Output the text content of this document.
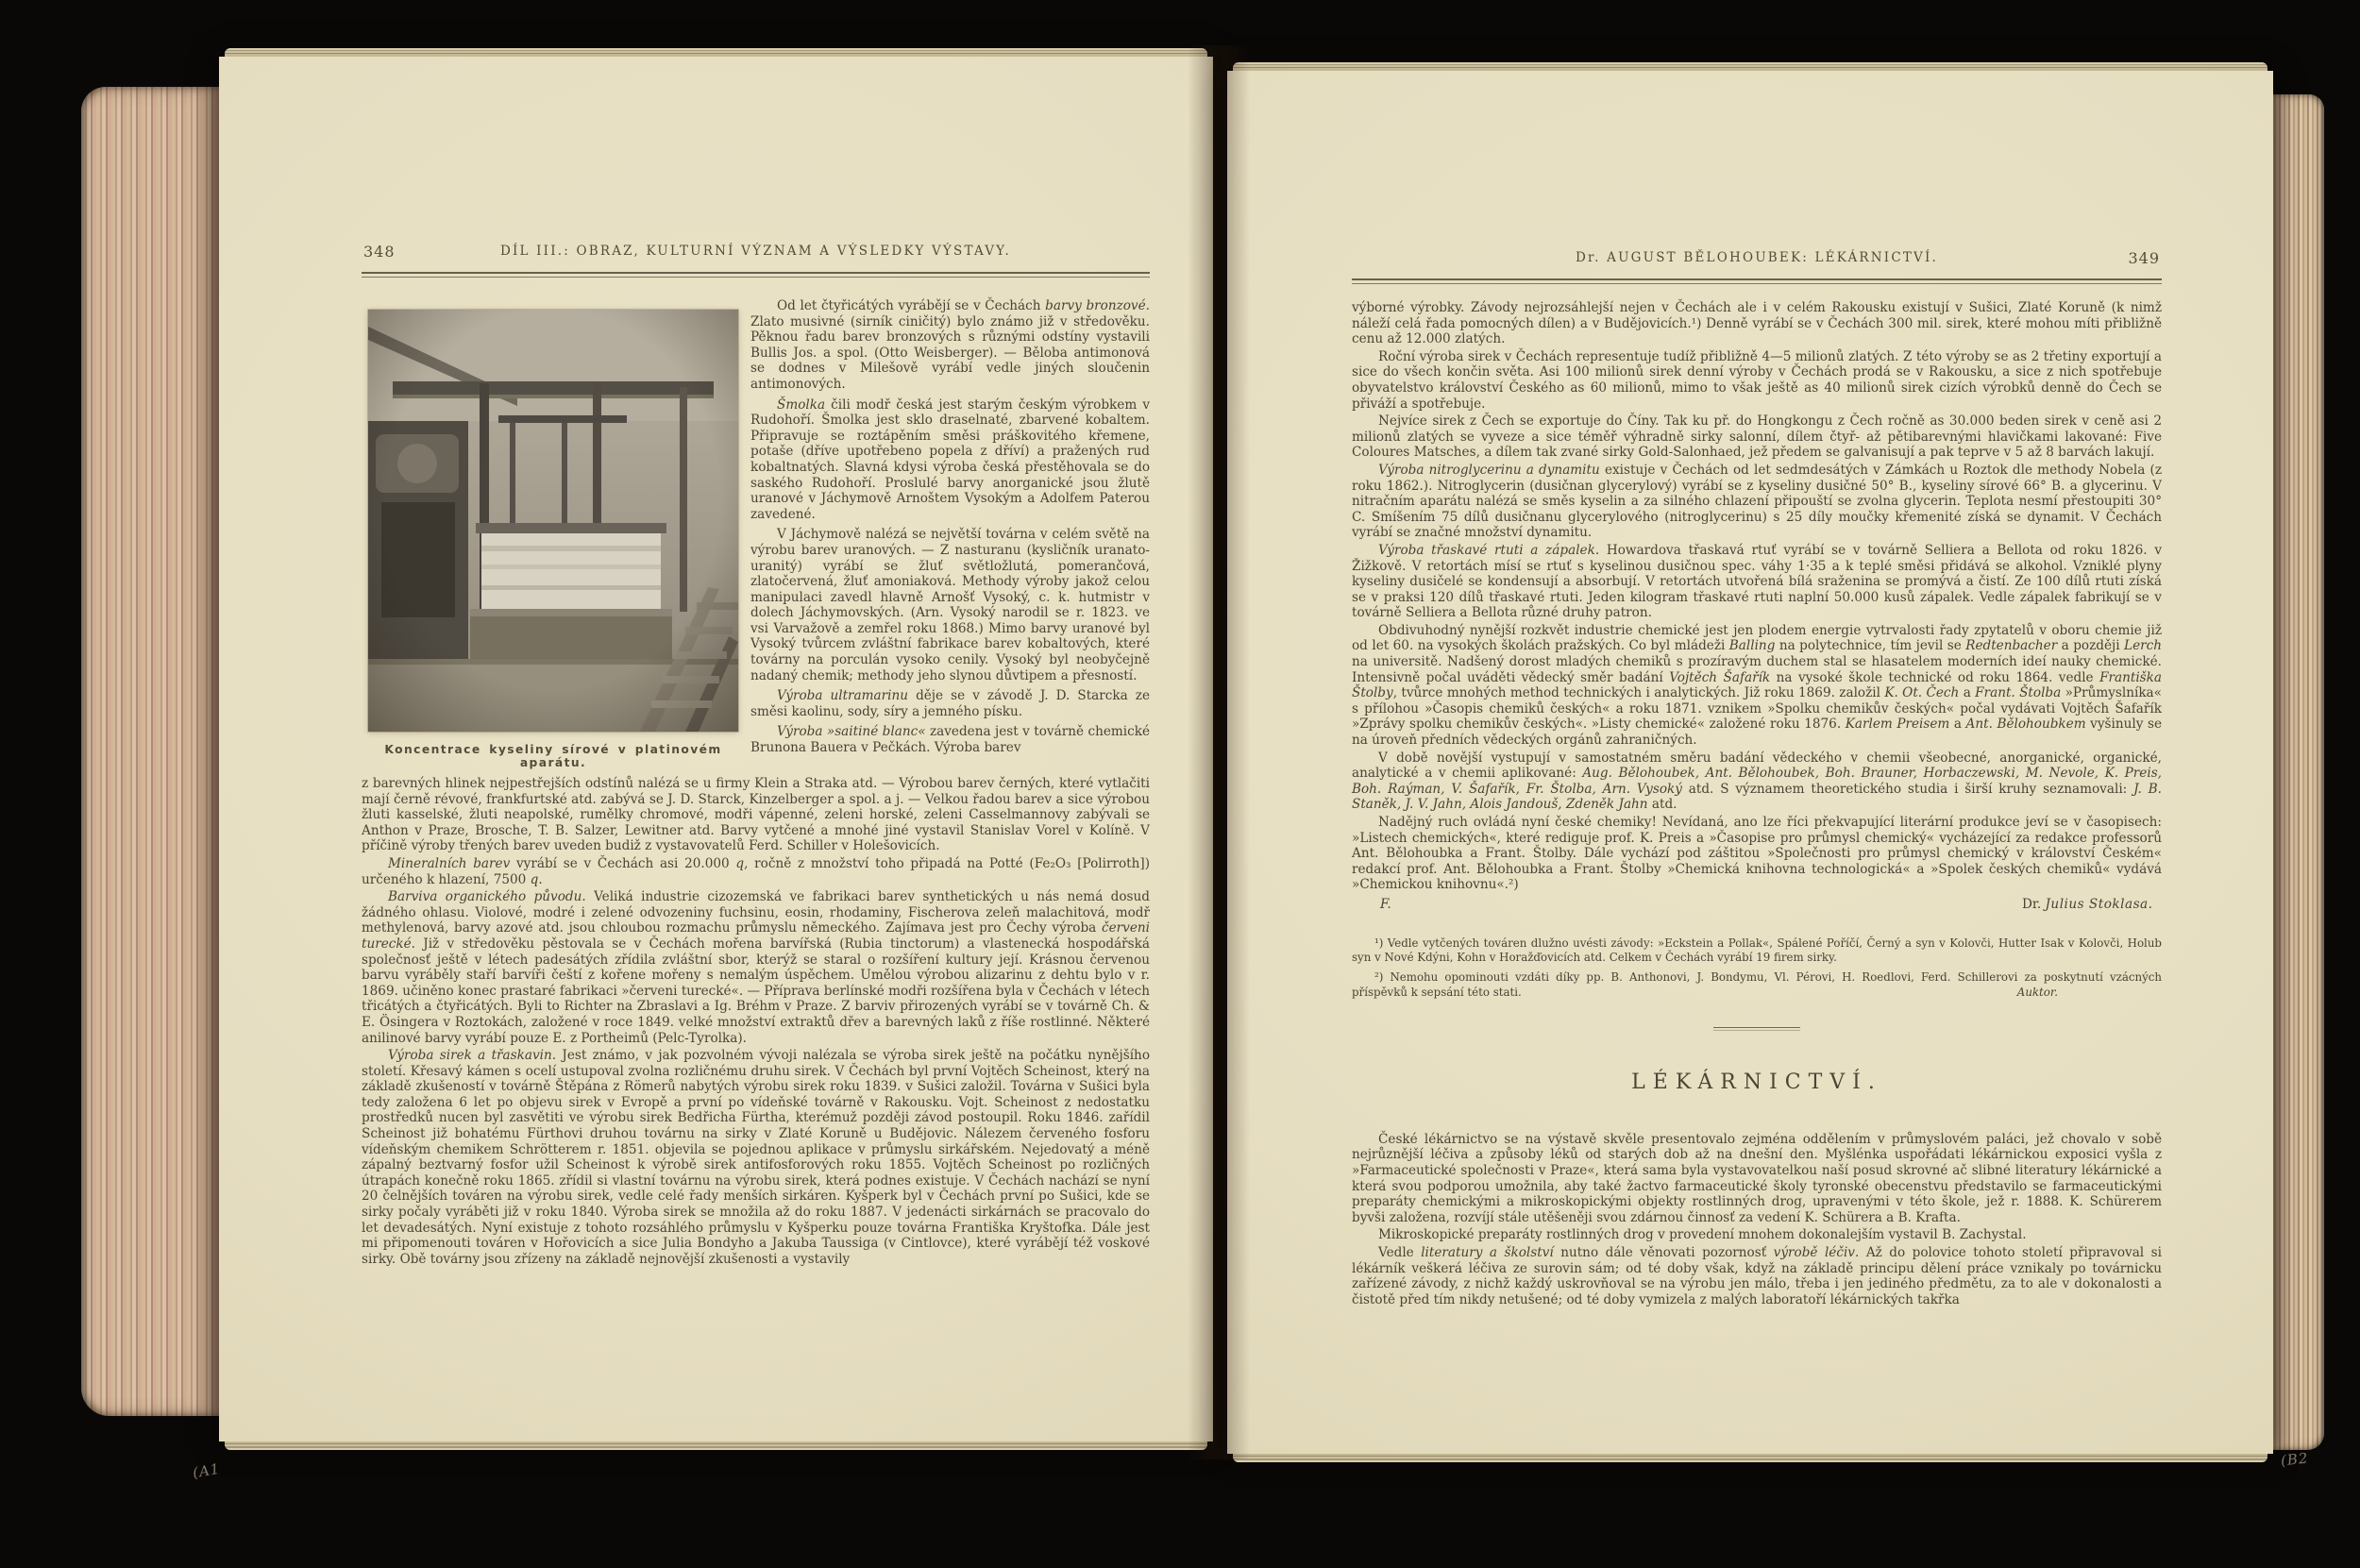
348	DÍL III.: OBRAZ, KULTURNÍ VÝZNAM A VÝSLEDKY VÝSTAVY.
Koncentrace kyseliny sírové v platinovém aparátu.

Od let čtyřicátých vyrábějí se v Čechách barvy bronzové. Zlato musivné (sirník ciničitý) bylo známo již v středověku. Pěknou řadu barev bronzových s různými odstíny vystavili Bullis Jos. a spol. (Otto Weisberger). — Běloba antimonová se dodnes v Milešově vyrábí vedle jiných sloučenin antimonových.

Šmolka čili modř česká jest starým českým výrobkem v Rudohoří. Šmolka jest sklo draselnaté, zbarvené kobaltem. Připravuje se roztápěním směsi práškovitého křemene, potaše (dříve upotřebeno popela z dříví) a pražených rud kobaltnatých. Slavná kdysi výroba česká přestěhovala se do saského Rudohoří. Proslulé barvy anorganické jsou žlutě uranové v Jáchymově Arnoštem Vysokým a Adolfem Paterou zavedené.

V Jáchymově nalézá se největší továrna v celém světě na výrobu barev uranových. — Z nasturanu (kysličník uranato-uranitý) vyrábí se žluť světložlutá, pomerančová, zlatočervená, žluť amoniaková. Methody výroby jakož celou manipulaci zavedl hlavně Arnošť Vysoký, c. k. hutmistr v dolech Jáchymovských. (Arn. Vysoký narodil se r. 1823. ve vsi Varvažově a zemřel roku 1868.) Mimo barvy uranové byl Vysoký tvůrcem zvláštní fabrikace barev kobaltových, které továrny na porculán vysoko cenily. Vysoký byl neobyčejně nadaný chemik; methody jeho slynou důvtipem a přesností.

Výroba ultramarinu děje se v závodě J. D. Starcka ze směsi kaolinu, sody, síry a jemného písku.

Výroba »saitiné blanc« zavedena jest v továrně chemické Brunona Bauera v Pečkách. Výroba barev

z barevných hlinek nejpestřejších odstínů nalézá se u firmy Klein a Straka atd. — Výrobou barev černých, které vytlačiti mají černě révové, frankfurtské atd. zabývá se J. D. Starck, Kinzelberger a spol. a j. — Velkou řadou barev a sice výrobou žluti kasselské, žluti neapolské, rumělky chromové, modři vápenné, zeleni horské, zeleni Casselmannovy zabývali se Anthon v Praze, Brosche, T. B. Salzer, Lewitner atd. Barvy vytčené a mnohé jiné vystavil Stanislav Vorel v Kolíně. V příčině výroby třených barev uveden budiž z vystavovatelů Ferd. Schiller v Holešovicích.

Mineralních barev vyrábí se v Čechách asi 20.000 q, ročně z množství toho připadá na Potté (Fe₂O₃ [Polirroth]) určeného k hlazení, 7500 q.

Barviva organického původu. Veliká industrie cizozemská ve fabrikaci barev synthetických u nás nemá dosud žádného ohlasu. Violové, modré i zelené odvozeniny fuchsinu, eosin, rhodaminy, Fischerova zeleň malachitová, modř methylenová, barvy azové atd. jsou chloubou rozmachu průmyslu německého. Zajímava jest pro Čechy výroba červeni turecké. Již v středověku pěstovala se v Čechách mořena barvířská (Rubia tinctorum) a vlastenecká hospodářská společnosť ještě v létech padesátých zřídila zvláštní sbor, kterýž se staral o rozšíření kultury její. Krásnou červenou barvu vyráběly staří barvíři čeští z kořene mořeny s nemalým úspěchem. Umělou výrobou alizarinu z dehtu bylo v r. 1869. učiněno konec prastaré fabrikaci »červeni turecké«. — Příprava berlínské modři rozšířena byla v Čechách v létech třicátých a čtyřicátých. Byli to Richter na Zbraslavi a Ig. Bréhm v Praze. Z barviv přirozených vyrábí se v továrně Ch. & E. Ösingera v Roztokách, založené v roce 1849. velké množství extraktů dřev a barevných laků z říše rostlinné. Některé anilinové barvy vyrábí pouze E. z Portheimů (Pelc-Tyrolka).

Výroba sirek a třaskavin. Jest známo, v jak pozvolném vývoji nalézala se výroba sirek ještě na počátku nynějšího století. Křesavý kámen s ocelí ustupoval zvolna rozličnému druhu sirek. V Čechách byl první Vojtěch Scheinost, který na základě zkušeností v továrně Štěpána z Römerů nabytých výrobu sirek roku 1839. v Sušici založil. Továrna v Sušici byla tedy založena 6 let po objevu sirek v Evropě a první po vídeňské továrně v Rakousku. Vojt. Scheinost z nedostatku prostředků nucen byl zasvětiti ve výrobu sirek Bedřicha Fürtha, kterémuž později závod postoupil. Roku 1846. zařídil Scheinost již bohatému Fürthovi druhou továrnu na sirky v Zlaté Koruně u Budějovic. Nálezem červeného fosforu vídeňským chemikem Schrötterem r. 1851. objevila se pojednou aplikace v průmyslu sirkářském. Nejedovatý a méně zápalný beztvarný fosfor užil Scheinost k výrobě sirek antifosforových roku 1855. Vojtěch Scheinost po rozličných útrapách konečně roku 1865. zřídil si vlastní továrnu na výrobu sirek, která podnes existuje. V Čechách nachází se nyní 20 čelnějších továren na výrobu sirek, vedle celé řady menších sirkáren. Kyšperk byl v Čechách první po Sušici, kde se sirky počaly vyráběti již v roku 1840. Výroba sirek se množila až do roku 1887. V jedenácti sirkárnách se pracovalo do let devadesátých. Nyní existuje z tohoto rozsáhlého průmyslu v Kyšperku pouze továrna Františka Kryštofka. Dále jest mi připomenouti továren v Hořovicích a sice Julia Bondyho a Jakuba Taussiga (v Cintlovce), které vyrábějí též voskové sirky. Obě továrny jsou zřízeny na základě nejnovější zkušenosti a vystavily

Dr. AUGUST BĚLOHOUBEK: LÉKÁRNICTVÍ.	349

výborné výrobky. Závody nejrozsáhlejší nejen v Čechách ale i v celém Rakousku existují v Sušici, Zlaté Koruně (k nimž náleží celá řada pomocných dílen) a v Budějovicích.¹) Denně vyrábí se v Čechách 300 mil. sirek, které mohou míti přibližně cenu až 12.000 zlatých.

Roční výroba sirek v Čechách representuje tudíž přibližně 4—5 milionů zlatých. Z této výroby se as 2 třetiny exportují a sice do všech končin světa. Asi 100 milionů sirek denní výroby v Čechách prodá se v Rakousku, a sice z nich spotřebuje obyvatelstvo království Českého as 60 milionů, mimo to však ještě as 40 milionů sirek cizích výrobků denně do Čech se přiváží a spotřebuje.

Nejvíce sirek z Čech se exportuje do Číny. Tak ku př. do Hongkongu z Čech ročně as 30.000 beden sirek v ceně asi 2 milionů zlatých se vyveze a sice téměř výhradně sirky salonní, dílem čtyř- až pětibarevnými hlavičkami lakované: Five Coloures Matsches, a dílem tak zvané sirky Gold-Salonhaed, jež předem se galvanisují a pak teprve v 5 až 8 barvách lakují.

Výroba nitroglycerinu a dynamitu existuje v Čechách od let sedmdesátých v Zámkách u Roztok dle methody Nobela (z roku 1862.). Nitroglycerin (dusičnan glycerylový) vyrábí se z kyseliny dusičné 50° B., kyseliny sírové 66° B. a glycerinu. V nitračním aparátu nalézá se směs kyselin a za silného chlazení připouští se zvolna glycerin. Teplota nesmí přestoupiti 30° C. Smíšením 75 dílů dusičnanu glycerylového (nitroglycerinu) s 25 díly moučky křemenité získá se dynamit. V Čechách vyrábí se značné množství dynamitu.

Výroba třaskavé rtuti a zápalek. Howardova třaskavá rtuť vyrábí se v továrně Selliera a Bellota od roku 1826. v Žižkově. V retortách mísí se rtuť s kyselinou dusičnou spec. váhy 1·35 a k teplé směsi přidává se alkohol. Vzniklé plyny kyseliny dusičelé se kondensují a absorbují. V retortách utvořená bílá sraženina se promývá a čistí. Ze 100 dílů rtuti získá se v praksi 120 dílů třaskavé rtuti. Jeden kilogram třaskavé rtuti naplní 50.000 kusů zápalek. Vedle zápalek fabrikují se v továrně Selliera a Bellota různé druhy patron.

Obdivuhodný nynější rozkvět industrie chemické jest jen plodem energie vytrvalosti řady zpytatelů v oboru chemie již od let 60. na vysokých školách pražských. Co byl mládeži Balling na polytechnice, tím jevil se Redtenbacher a později Lerch na universitě. Nadšený dorost mladých chemiků s prozíravým duchem stal se hlasatelem moderních ideí nauky chemické. Intensivně počal uváděti vědecký směr badání Vojtěch Šafařík na vysoké škole technické od roku 1864. vedle Františka Štolby, tvůrce mnohých method technických i analytických. Již roku 1869. založil K. Ot. Čech a Frant. Štolba »Průmyslníka« s přílohou »Časopis chemiků českých« a roku 1871. vznikem »Spolku chemikův českých« počal vydávati Vojtěch Šafařík »Zprávy spolku chemikův českých«. »Listy chemické« založené roku 1876. Karlem Preisem a Ant. Bělohoubkem vyšinuly se na úroveň předních vědeckých orgánů zahraničných.

V době novější vystupují v samostatném směru badání vědeckého v chemii všeobecné, anorganické, organické, analytické a v chemii aplikované: Aug. Bělohoubek, Ant. Bělohoubek, Boh. Brauner, Horbaczewski, M. Nevole, K. Preis, Boh. Raýman, V. Šafařík, Fr. Štolba, Arn. Vysoký atd. S významem theoretického studia i širší kruhy seznamovali: J. B. Staněk, J. V. Jahn, Alois Jandouš, Zdeněk Jahn atd.

Nadějný ruch ovládá nyní české chemiky! Nevídaná, ano lze říci překvapující literární produkce jeví se v časopisech: »Listech chemických«, které rediguje prof. K. Preis a »Časopise pro průmysl chemický« vycházející za redakce professorů Ant. Bělohoubka a Frant. Štolby. Dále vychází pod záštitou »Společnosti pro průmysl chemický v království Českém« redakcí prof. Ant. Bělohoubka a Frant. Štolby »Chemická knihovna technologická« a »Spolek českých chemiků« vydává »Chemickou knihovnu«.²)

F.	Dr. Julius Stoklasa.

¹) Vedle vytčených továren dlužno uvésti závody: »Eckstein a Pollak«, Spálené Poříčí, Černý a syn v Kolovči, Hutter Isak v Kolovči, Holub syn v Nové Kdýni, Kohn v Horažďovicích atd. Celkem v Čechách vyrábí 19 firem sirky.

²) Nemohu opominouti vzdáti díky pp. B. Anthonovi, J. Bondymu, Vl. Pérovi, H. Roedlovi, Ferd. Schillerovi za poskytnutí vzácných příspěvků k sepsání této stati.	Auktor.
LÉKÁRNICTVÍ.

České lékárnictvo se na výstavě skvěle presentovalo zejména oddělením v průmyslovém paláci, jež chovalo v sobě nejrůznější léčiva a způsoby léků od starých dob až na dnešní den. Myšlénka uspořádati lékárnickou exposici vyšla z »Farmaceutické společnosti v Praze«, která sama byla vystavovatelkou naší posud skrovné ač slibné literatury lékárnické a která svou podporou umožnila, aby také žactvo farmaceutické školy tyronské obecenstvu představilo se farmaceutickými preparáty chemickými a mikroskopickými objekty rostlinných drog, upravenými v této škole, jež r. 1888. K. Schürerem byvši založena, rozvíjí stále utěšeněji svou zdárnou činnosť za vedení K. Schürera a B. Krafta.

Mikroskopické preparáty rostlinných drog v provedení mnohem dokonalejším vystavil B. Zachystal.

Vedle literatury a školství nutno dále věnovati pozornosť výrobě léčiv. Až do polovice tohoto století připravoval si lékárník veškerá léčiva ze surovin sám; od té doby však, když na základě principu dělení práce vznikaly po továrnicku zařízené závody, z nichž každý uskrovňoval se na výrobu jen málo, třeba i jen jediného předmětu, za to ale v dokonalosti a čistotě před tím nikdy netušené; od té doby vymizela z malých laboratoří lékárnických takřka

(A1
(B2
